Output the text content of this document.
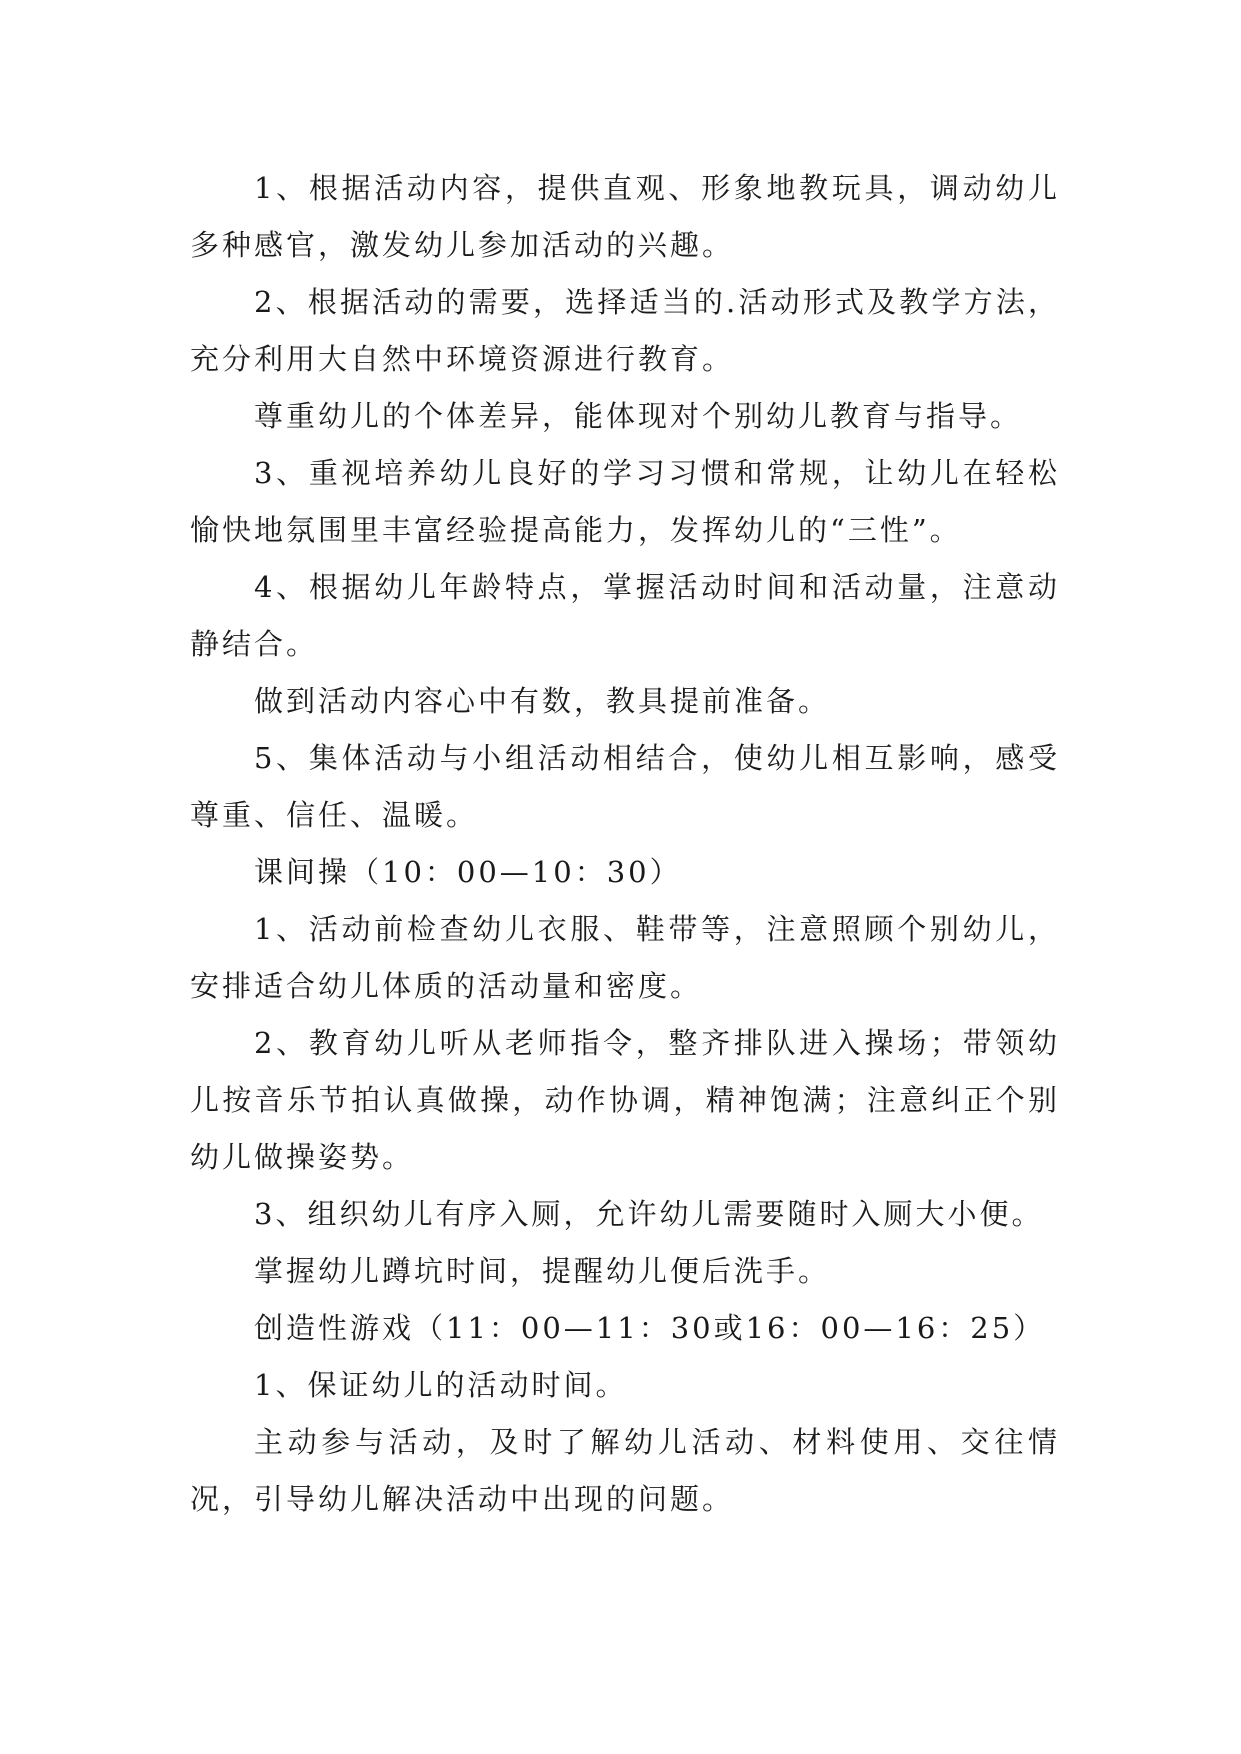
1、根据活动内容，提供直观、形象地教玩具，调动幼儿多种感官，激发幼儿参加活动的兴趣。

2、根据活动的需要，选择适当的.活动形式及教学方法，充分利用大自然中环境资源进行教育。

尊重幼儿的个体差异，能体现对个别幼儿教育与指导。

3、重视培养幼儿良好的学习习惯和常规，让幼儿在轻松愉快地氛围里丰富经验提高能力，发挥幼儿的“三性”。

4、根据幼儿年龄特点，掌握活动时间和活动量，注意动静结合。

做到活动内容心中有数，教具提前准备。

5、集体活动与小组活动相结合，使幼儿相互影响，感受尊重、信任、温暖。

课间操（10：00—10：30）

1、活动前检查幼儿衣服、鞋带等，注意照顾个别幼儿，安排适合幼儿体质的活动量和密度。

2、教育幼儿听从老师指令，整齐排队进入操场；带领幼儿按音乐节拍认真做操，动作协调，精神饱满；注意纠正个别幼儿做操姿势。

3、组织幼儿有序入厕，允许幼儿需要随时入厕大小便。

掌握幼儿蹲坑时间，提醒幼儿便后洗手。

创造性游戏（11：00—11：30或16：00—16：25）

1、保证幼儿的活动时间。

主动参与活动，及时了解幼儿活动、材料使用、交往情况，引导幼儿解决活动中出现的问题。
